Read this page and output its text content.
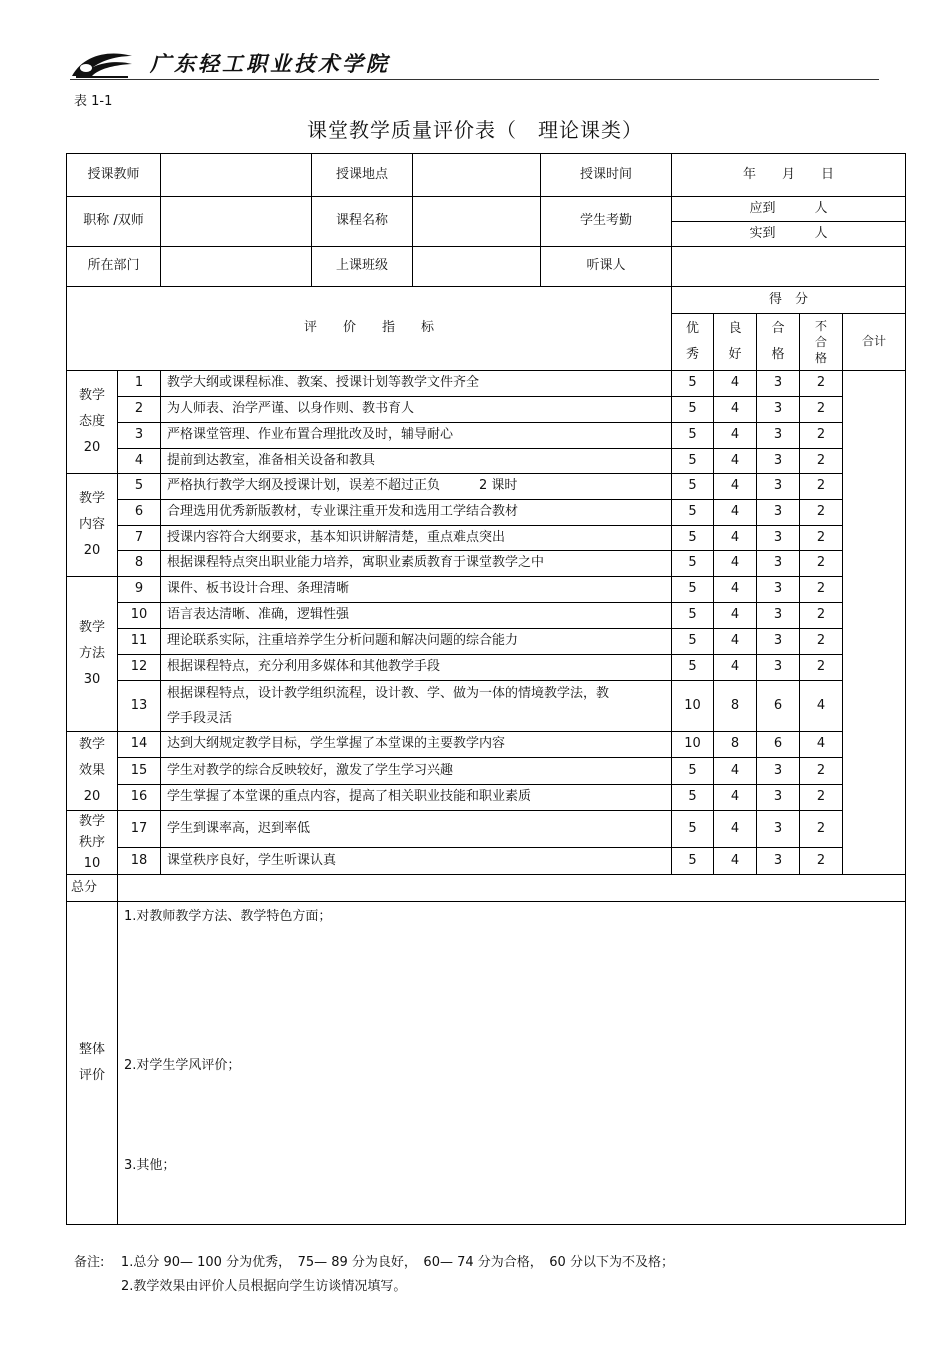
广东轻工职业技术学院
表 1-1
课堂教学质量评价表（　理论课类）
授课教师			授课地点		授课时间	年　　月　　日				
职称 /双师			课程名称		学生考勤	应到　　　人				
						实到　　　人				
所在部门			上课班级		听课人					
评　　价　　指　　标						得　分				
						优秀	良好	合格	不合格	合计

教学态度
20	1	教学大纲或课程标准、教案、授课计划等教学文件齐全				5	4	3	2	
	2	为人师表、治学严谨、以身作则、教书育人				5	4	3	2	
	3	严格课堂管理、作业布置合理批改及时，辅导耐心				5	4	3	2	
	4	提前到达教室，准备相关设备和教具				5	4	3	2	

教学内容
20	5	严格执行教学大纲及授课计划，误差不超过正负　　　2 课时				5	4	3	2	
	6	合理选用优秀新版教材，专业课注重开发和选用工学结合教材				5	4	3	2	
	7	授课内容符合大纲要求，基本知识讲解清楚，重点难点突出				5	4	3	2	
	8	根据课程特点突出职业能力培养，寓职业素质教育于课堂教学之中				5	4	3	2	

教学方法
30	9	课件、板书设计合理、条理清晰				5	4	3	2	
	10	语言表达清晰、准确，逻辑性强				5	4	3	2	
	11	理论联系实际，注重培养学生分析问题和解决问题的综合能力				5	4	3	2	
	12	根据课程特点，充分利用多媒体和其他教学手段				5	4	3	2	
	13	根据课程特点，设计教学组织流程，设计教、学、做为一体的情境教学法，教学手段灵活				10	8	6	4	

教学效果
20	14	达到大纲规定教学目标，学生掌握了本堂课的主要教学内容				10	8	6	4	
	15	学生对教学的综合反映较好，激发了学生学习兴趣				5	4	3	2	
	16	学生掌握了本堂课的重点内容，提高了相关职业技能和职业素质				5	4	3	2	

教学秩序
10	17	学生到课率高，迟到率低				5	4	3	2	
	18	课堂秩序良好，学生听课认真				5	4	3	2	
总分										

整体评价	1.对教师教学方法、教学特色方面；

2.对学生学风评价；

3.其他；									

备注: 1.总分 90— 100 分为优秀，　75— 89 分为良好，　60— 74 分为合格，　60 分以下为不及格；
2.教学效果由评价人员根据向学生访谈情况填写。
